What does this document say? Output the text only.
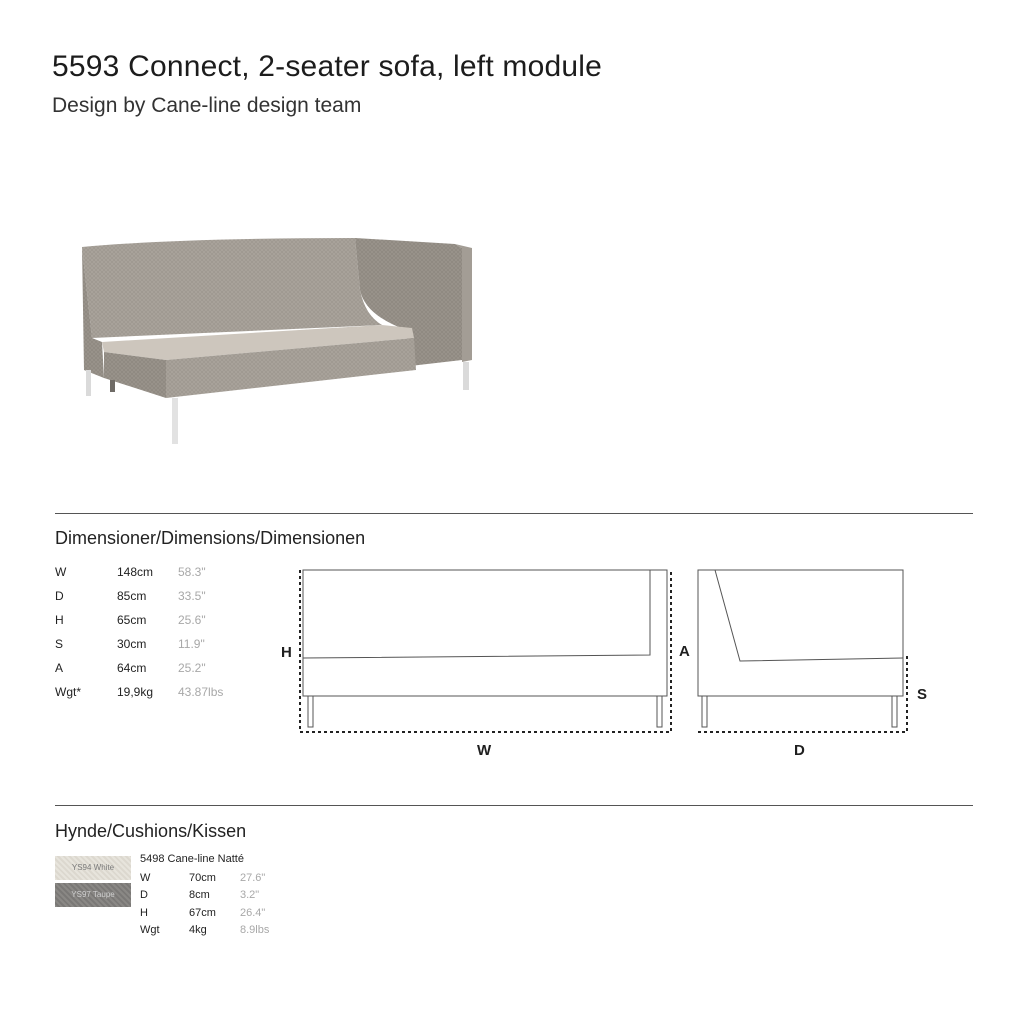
5593 Connect, 2-seater sofa, left module
Design by Cane-line design team
Dimensioner/Dimensions/Dimensionen
W	148cm	58.3"
D	85cm	33.5"
H	65cm	25.6"
S	30cm	11.9"
A	64cm	25.2"
Wgt*	19,9kg	43.87lbs
H
W
A
S
D
Hynde/Cushions/Kissen
YS94 White
YS97 Taupe
5498 Cane-line Natté
W	70cm	27.6"
D	8cm	3.2"
H	67cm	26.4"
Wgt	4kg	8.9lbs
